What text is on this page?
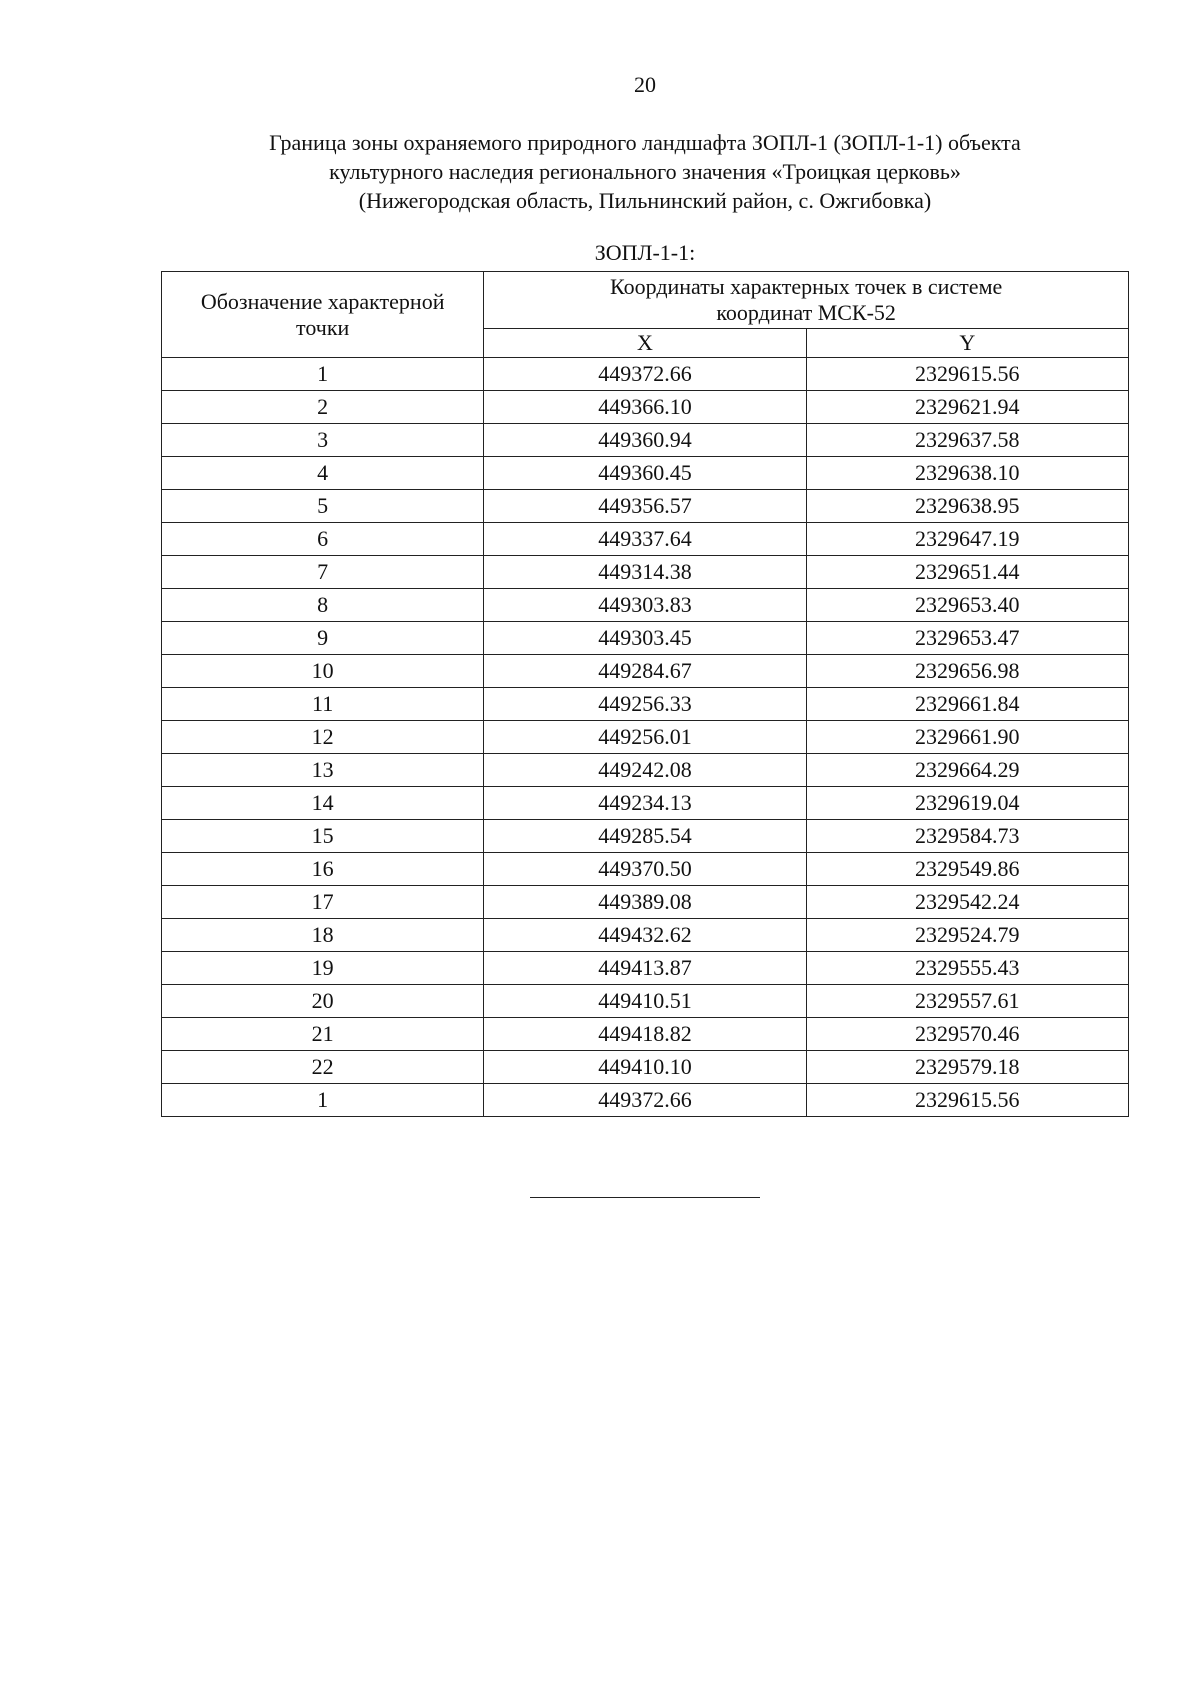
20
Граница зоны охраняемого природного ландшафта ЗОПЛ-1 (ЗОПЛ-1-1) объекта
культурного наследия регионального значения «Троицкая церковь»
(Нижегородская область, Пильнинский район, с. Ожгибовка)
ЗОПЛ-1-1:
Обозначение характерной
точки	Координаты характерных точек в системе
координат МСК-52	
	X	Y
1	449372.66	2329615.56
2	449366.10	2329621.94
3	449360.94	2329637.58
4	449360.45	2329638.10
5	449356.57	2329638.95
6	449337.64	2329647.19
7	449314.38	2329651.44
8	449303.83	2329653.40
9	449303.45	2329653.47
10	449284.67	2329656.98
11	449256.33	2329661.84
12	449256.01	2329661.90
13	449242.08	2329664.29
14	449234.13	2329619.04
15	449285.54	2329584.73
16	449370.50	2329549.86
17	449389.08	2329542.24
18	449432.62	2329524.79
19	449413.87	2329555.43
20	449410.51	2329557.61
21	449418.82	2329570.46
22	449410.10	2329579.18
1	449372.66	2329615.56
